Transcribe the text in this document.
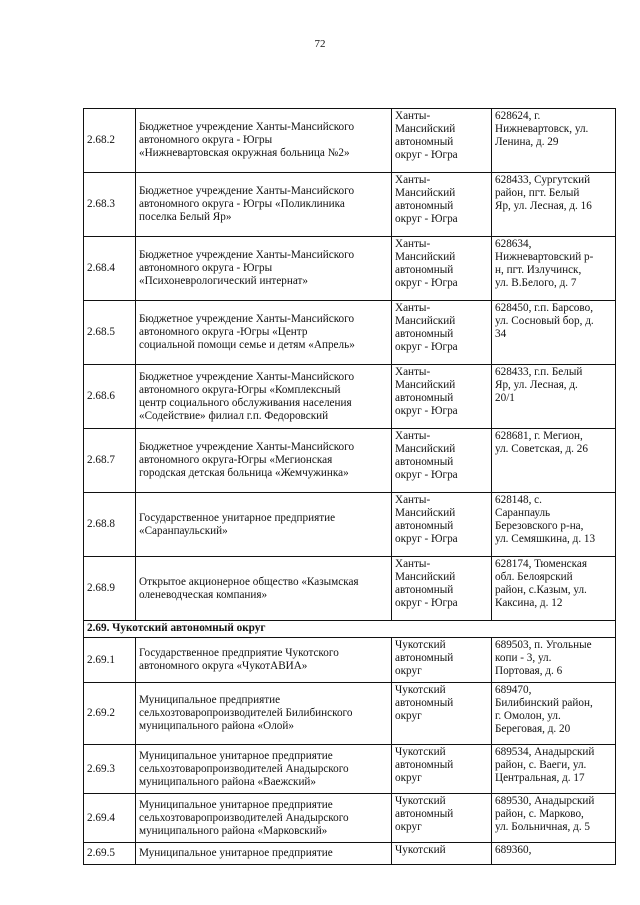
72
2.68.2	Бюджетное учреждение Ханты-Мансийского
автономного округа - Югры
«Нижневартовская окружная больница №2»	Ханты-
Мансийский
автономный
округ - Югра	628624, г.
Нижневартовск, ул.
Ленина, д. 29

2.68.3	Бюджетное учреждение Ханты-Мансийского
автономного округа - Югры «Поликлиника
поселка Белый Яр»	Ханты-
Мансийский
автономный
округ - Югра	628433, Сургутский
район, пгт. Белый
Яр, ул. Лесная, д. 16

2.68.4	Бюджетное учреждение Ханты-Мансийского
автономного округа - Югры
«Психоневрологический интернат»	Ханты-
Мансийский
автономный
округ - Югра	628634,
Нижневартовский р-
н, пгт. Излучинск,
ул. В.Белого, д. 7

2.68.5	Бюджетное учреждение Ханты-Мансийского
автономного округа -Югры «Центр
социальной помощи семье и детям «Апрель»	Ханты-
Мансийский
автономный
округ - Югра	628450, г.п. Барсово,
ул. Сосновый бор, д.
34

2.68.6	Бюджетное учреждение Ханты-Мансийского
автономного округа-Югры «Комплексный
центр социального обслуживания населения
«Содействие» филиал г.п. Федоровский	Ханты-
Мансийский
автономный
округ - Югра	628433, г.п. Белый
Яр, ул. Лесная, д.
20/1

2.68.7	Бюджетное учреждение Ханты-Мансийского
автономного округа-Югры «Мегионская
городская детская больница «Жемчужинка»	Ханты-
Мансийский
автономный
округ - Югра	628681, г. Мегион,
ул. Советская, д. 26

2.68.8	Государственное унитарное предприятие
«Саранпаульский»	Ханты-
Мансийский
автономный
округ - Югра	628148, с.
Саранпауль
Березовского р-на,
ул. Семяшкина, д. 13

2.68.9	Открытое акционерное общество «Казымская
оленеводческая компания»	Ханты-
Мансийский
автономный
округ - Югра	628174, Тюменская
обл. Белоярский
район, с.Казым, ул.
Каксина, д. 12

2.69. Чукотский автономный округ			

2.69.1	Государственное предприятие Чукотского
автономного округа «ЧукотАВИА»	Чукотский
автономный
округ	689503, п. Угольные
копи - 3, ул.
Портовая, д. 6

2.69.2	Муниципальное предприятие
сельхозтоваропроизводителей Билибинского
муниципального района «Олой»	Чукотский
автономный
округ	689470,
Билибинский район,
г. Омолон, ул.
Береговая, д. 20

2.69.3	Муниципальное унитарное предприятие
сельхозтоваропроизводителей Анадырского
муниципального района «Ваежский»	Чукотский
автономный
округ	689534, Анадырский
район, с. Ваеги, ул.
Центральная, д. 17

2.69.4	Муниципальное унитарное предприятие
сельхозтоваропроизводителей Анадырского
муниципального района «Марковский»	Чукотский
автономный
округ	689530, Анадырский
район, с. Марково,
ул. Больничная, д. 5

2.69.5	Муниципальное унитарное предприятие	Чукотский	689360,
